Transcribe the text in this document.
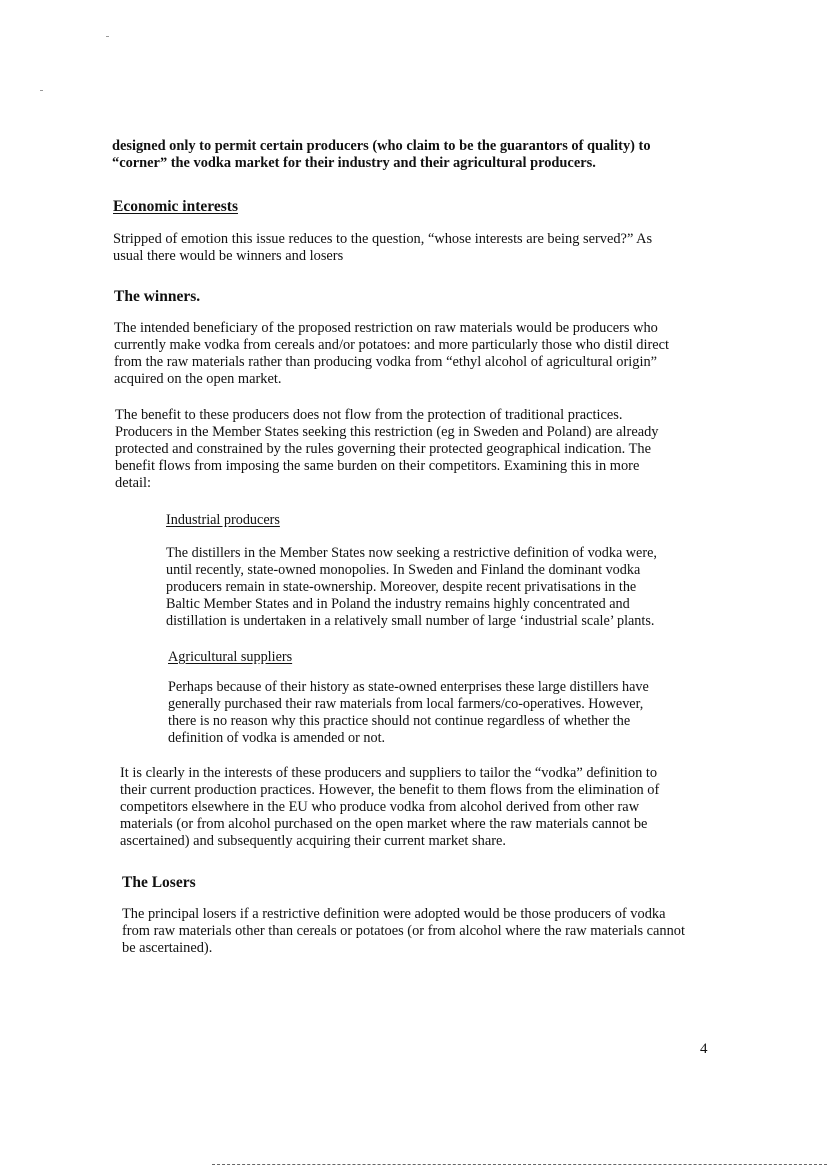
designed only to permit certain producers (who claim to be the guarantors of quality) to
“corner” the vodka market for their industry and their agricultural producers.
Economic interests
Stripped of emotion this issue reduces to the question, “whose interests are being served?” As
usual there would be winners and losers
The winners.
The intended beneficiary of the proposed restriction on raw materials would be producers who
currently make vodka from cereals and/or potatoes: and more particularly those who distil direct
from the raw materials rather than producing vodka from “ethyl alcohol of agricultural origin”
acquired on the open market.
The benefit to these producers does not flow from the protection of traditional practices.
Producers in the Member States seeking this restriction (eg in Sweden and Poland) are already
protected and constrained by the rules governing their protected geographical indication. The
benefit flows from imposing the same burden on their competitors. Examining this in more
detail:
Industrial producers
The distillers in the Member States now seeking a restrictive definition of vodka were,
until recently, state-owned monopolies. In Sweden and Finland the dominant vodka
producers remain in state-ownership. Moreover, despite recent privatisations in the
Baltic Member States and in Poland the industry remains highly concentrated and
distillation is undertaken in a relatively small number of large ‘industrial scale’ plants.
Agricultural suppliers
Perhaps because of their history as state-owned enterprises these large distillers have
generally purchased their raw materials from local farmers/co-operatives. However,
there is no reason why this practice should not continue regardless of whether the
definition of vodka is amended or not.
It is clearly in the interests of these producers and suppliers to tailor the “vodka” definition to
their current production practices. However, the benefit to them flows from the elimination of
competitors elsewhere in the EU who produce vodka from alcohol derived from other raw
materials (or from alcohol purchased on the open market where the raw materials cannot be
ascertained) and subsequently acquiring their current market share.
The Losers
The principal losers if a restrictive definition were adopted would be those producers of vodka
from raw materials other than cereals or potatoes (or from alcohol where the raw materials cannot
be ascertained).
4
